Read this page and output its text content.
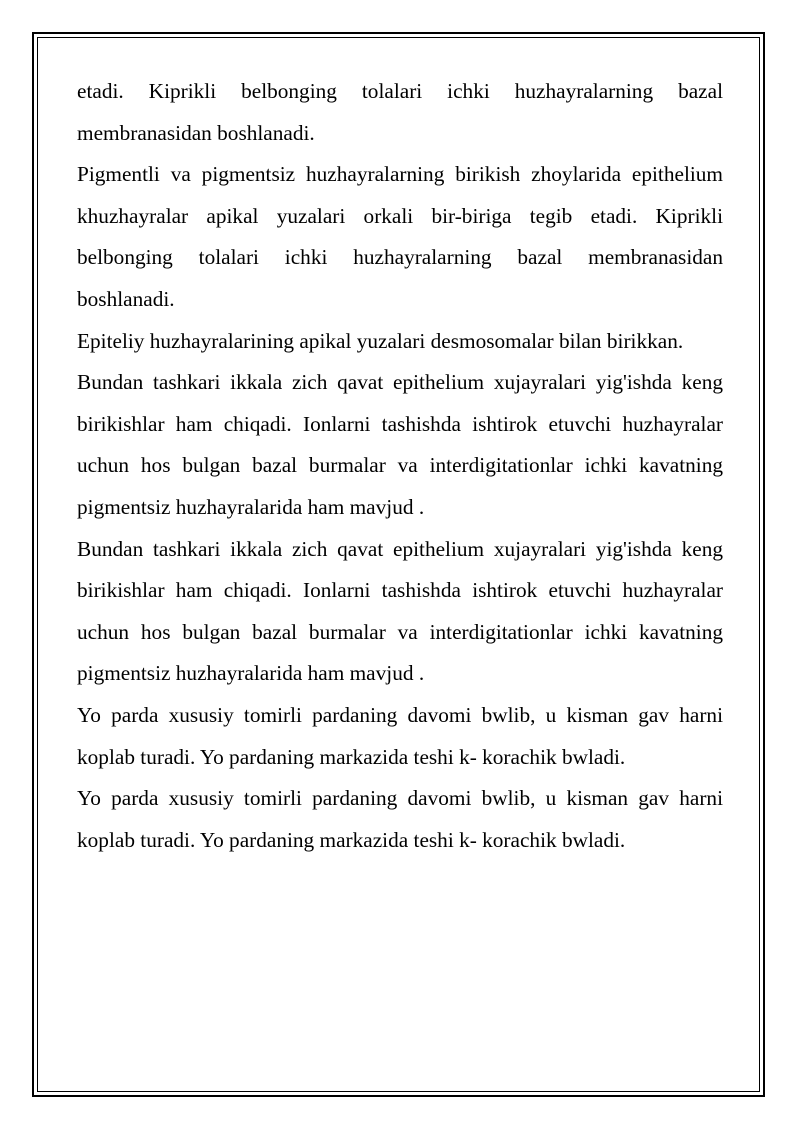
etadi. Kiprikli belbonging tolalari ichki huzhayralarning bazal membranasidan boshlanadi.

Pigmentli va pigmentsiz huzhayralarning birikish zhoylarida epithelium khuzhayralar apikal yuzalari orkali bir-biriga tegib etadi. Kiprikli belbonging tolalari ichki huzhayralarning bazal membranasidan boshlanadi.

Epiteliy huzhayralarining apikal yuzalari desmosomalar bilan birikkan.

Bundan tashkari ikkala zich qavat epithelium xujayralari yig'ishda keng birikishlar ham chiqadi. Ionlarni tashishda ishtirok etuvchi huzhayralar uchun hos bulgan bazal burmalar va interdigitationlar ichki kavatning pigmentsiz huzhayralarida ham mavjud .

Bundan tashkari ikkala zich qavat epithelium xujayralari yig'ishda keng birikishlar ham chiqadi. Ionlarni tashishda ishtirok etuvchi huzhayralar uchun hos bulgan bazal burmalar va interdigitationlar ichki kavatning pigmentsiz huzhayralarida ham mavjud .

Yo parda xususiy tomirli pardaning davomi bwlib, u kisman gav harni koplab turadi. Yo pardaning markazida teshi k- korachik bwladi.

Yo parda xususiy tomirli pardaning davomi bwlib, u kisman gav harni koplab turadi. Yo pardaning markazida teshi k- korachik bwladi.
